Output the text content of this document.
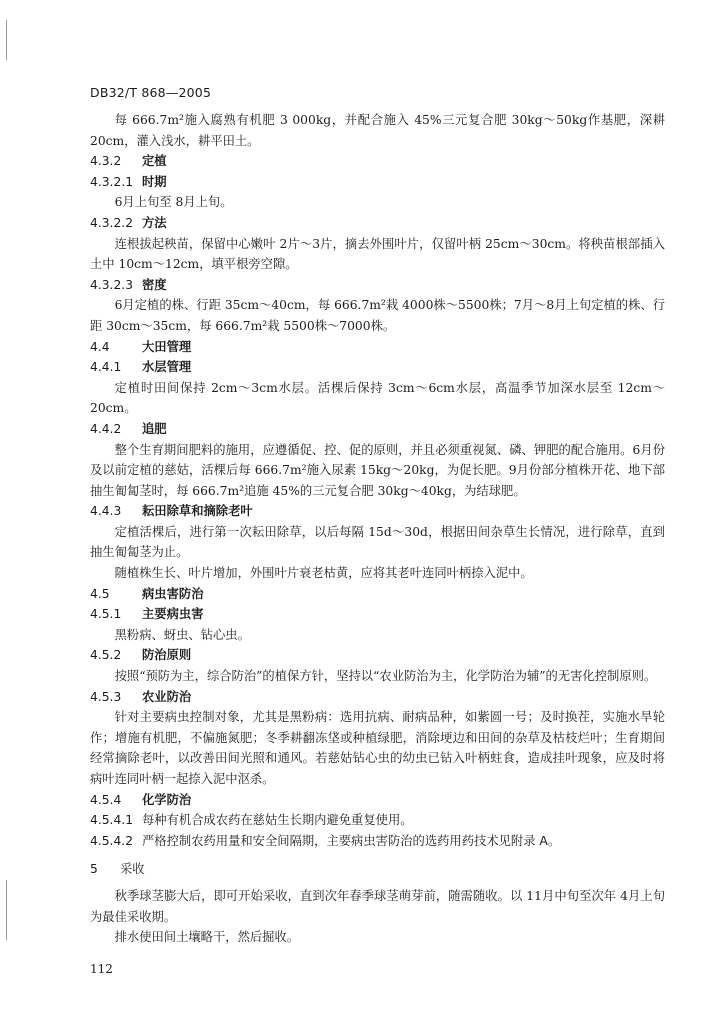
DB32/T 868—2005

每 666.7m²施入腐熟有机肥 3 000kg，并配合施入 45%三元复合肥 30kg～50kg作基肥，深耕 20cm，灌入浅水，耕平田土。

4.3.2 定植
4.3.2.1 时期

6月上旬至 8月上旬。

4.3.2.2 方法

连根拔起秧苗，保留中心嫩叶 2片～3片，摘去外围叶片，仅留叶柄 25cm～30cm。将秧苗根部插入土中 10cm～12cm，填平根旁空隙。

4.3.2.3 密度

6月定植的株、行距 35cm～40cm，每 666.7m²栽 4000株～5500株；7月～8月上旬定植的株、行距 30cm～35cm，每 666.7m²栽 5500株～7000株。

4.4	大田管理
4.4.1 水层管理

定植时田间保持 2cm～3cm水层。活棵后保持 3cm～6cm水层，高温季节加深水层至 12cm～20cm。

4.4.2 追肥

整个生育期间肥料的施用，应遵循促、控、促的原则，并且必须重视氮、磷、钾肥的配合施用。6月份及以前定植的慈姑，活棵后每 666.7m²施入尿素 15kg～20kg，为促长肥。9月份部分植株开花、地下部抽生匍匐茎时，每 666.7m²追施 45%的三元复合肥 30kg～40kg，为结球肥。

4.4.3 耘田除草和摘除老叶

定植活棵后，进行第一次耘田除草，以后每隔 15d～30d，根据田间杂草生长情况，进行除草，直到抽生匍匐茎为止。

随植株生长、叶片增加，外围叶片衰老枯黄，应将其老叶连同叶柄捺入泥中。

4.5	病虫害防治
4.5.1 主要病虫害

黑粉病、蚜虫、钻心虫。

4.5.2 防治原则

按照“预防为主，综合防治”的植保方针，坚持以“农业防治为主，化学防治为辅”的无害化控制原则。

4.5.3 农业防治

针对主要病虫控制对象，尤其是黑粉病：选用抗病、耐病品种，如紫圆一号；及时换茬，实施水旱轮作；增施有机肥，不偏施氮肥；冬季耕翻冻垡或种植绿肥，消除埂边和田间的杂草及枯枝烂叶；生育期间经常摘除老叶，以改善田间光照和通风。若慈姑钻心虫的幼虫已钻入叶柄蛀食，造成挂叶现象，应及时将病叶连同叶柄一起捺入泥中沤杀。

4.5.4 化学防治
4.5.4.1 每种有机合成农药在慈姑生长期内避免重复使用。
4.5.4.2 严格控制农药用量和安全间隔期，主要病虫害防治的选药用药技术见附录 A。
5 采收

秋季球茎膨大后，即可开始采收，直到次年春季球茎萌芽前，随需随收。以 11月中旬至次年 4月上旬为最佳采收期。

排水使田间土壤略干，然后掘收。

112
